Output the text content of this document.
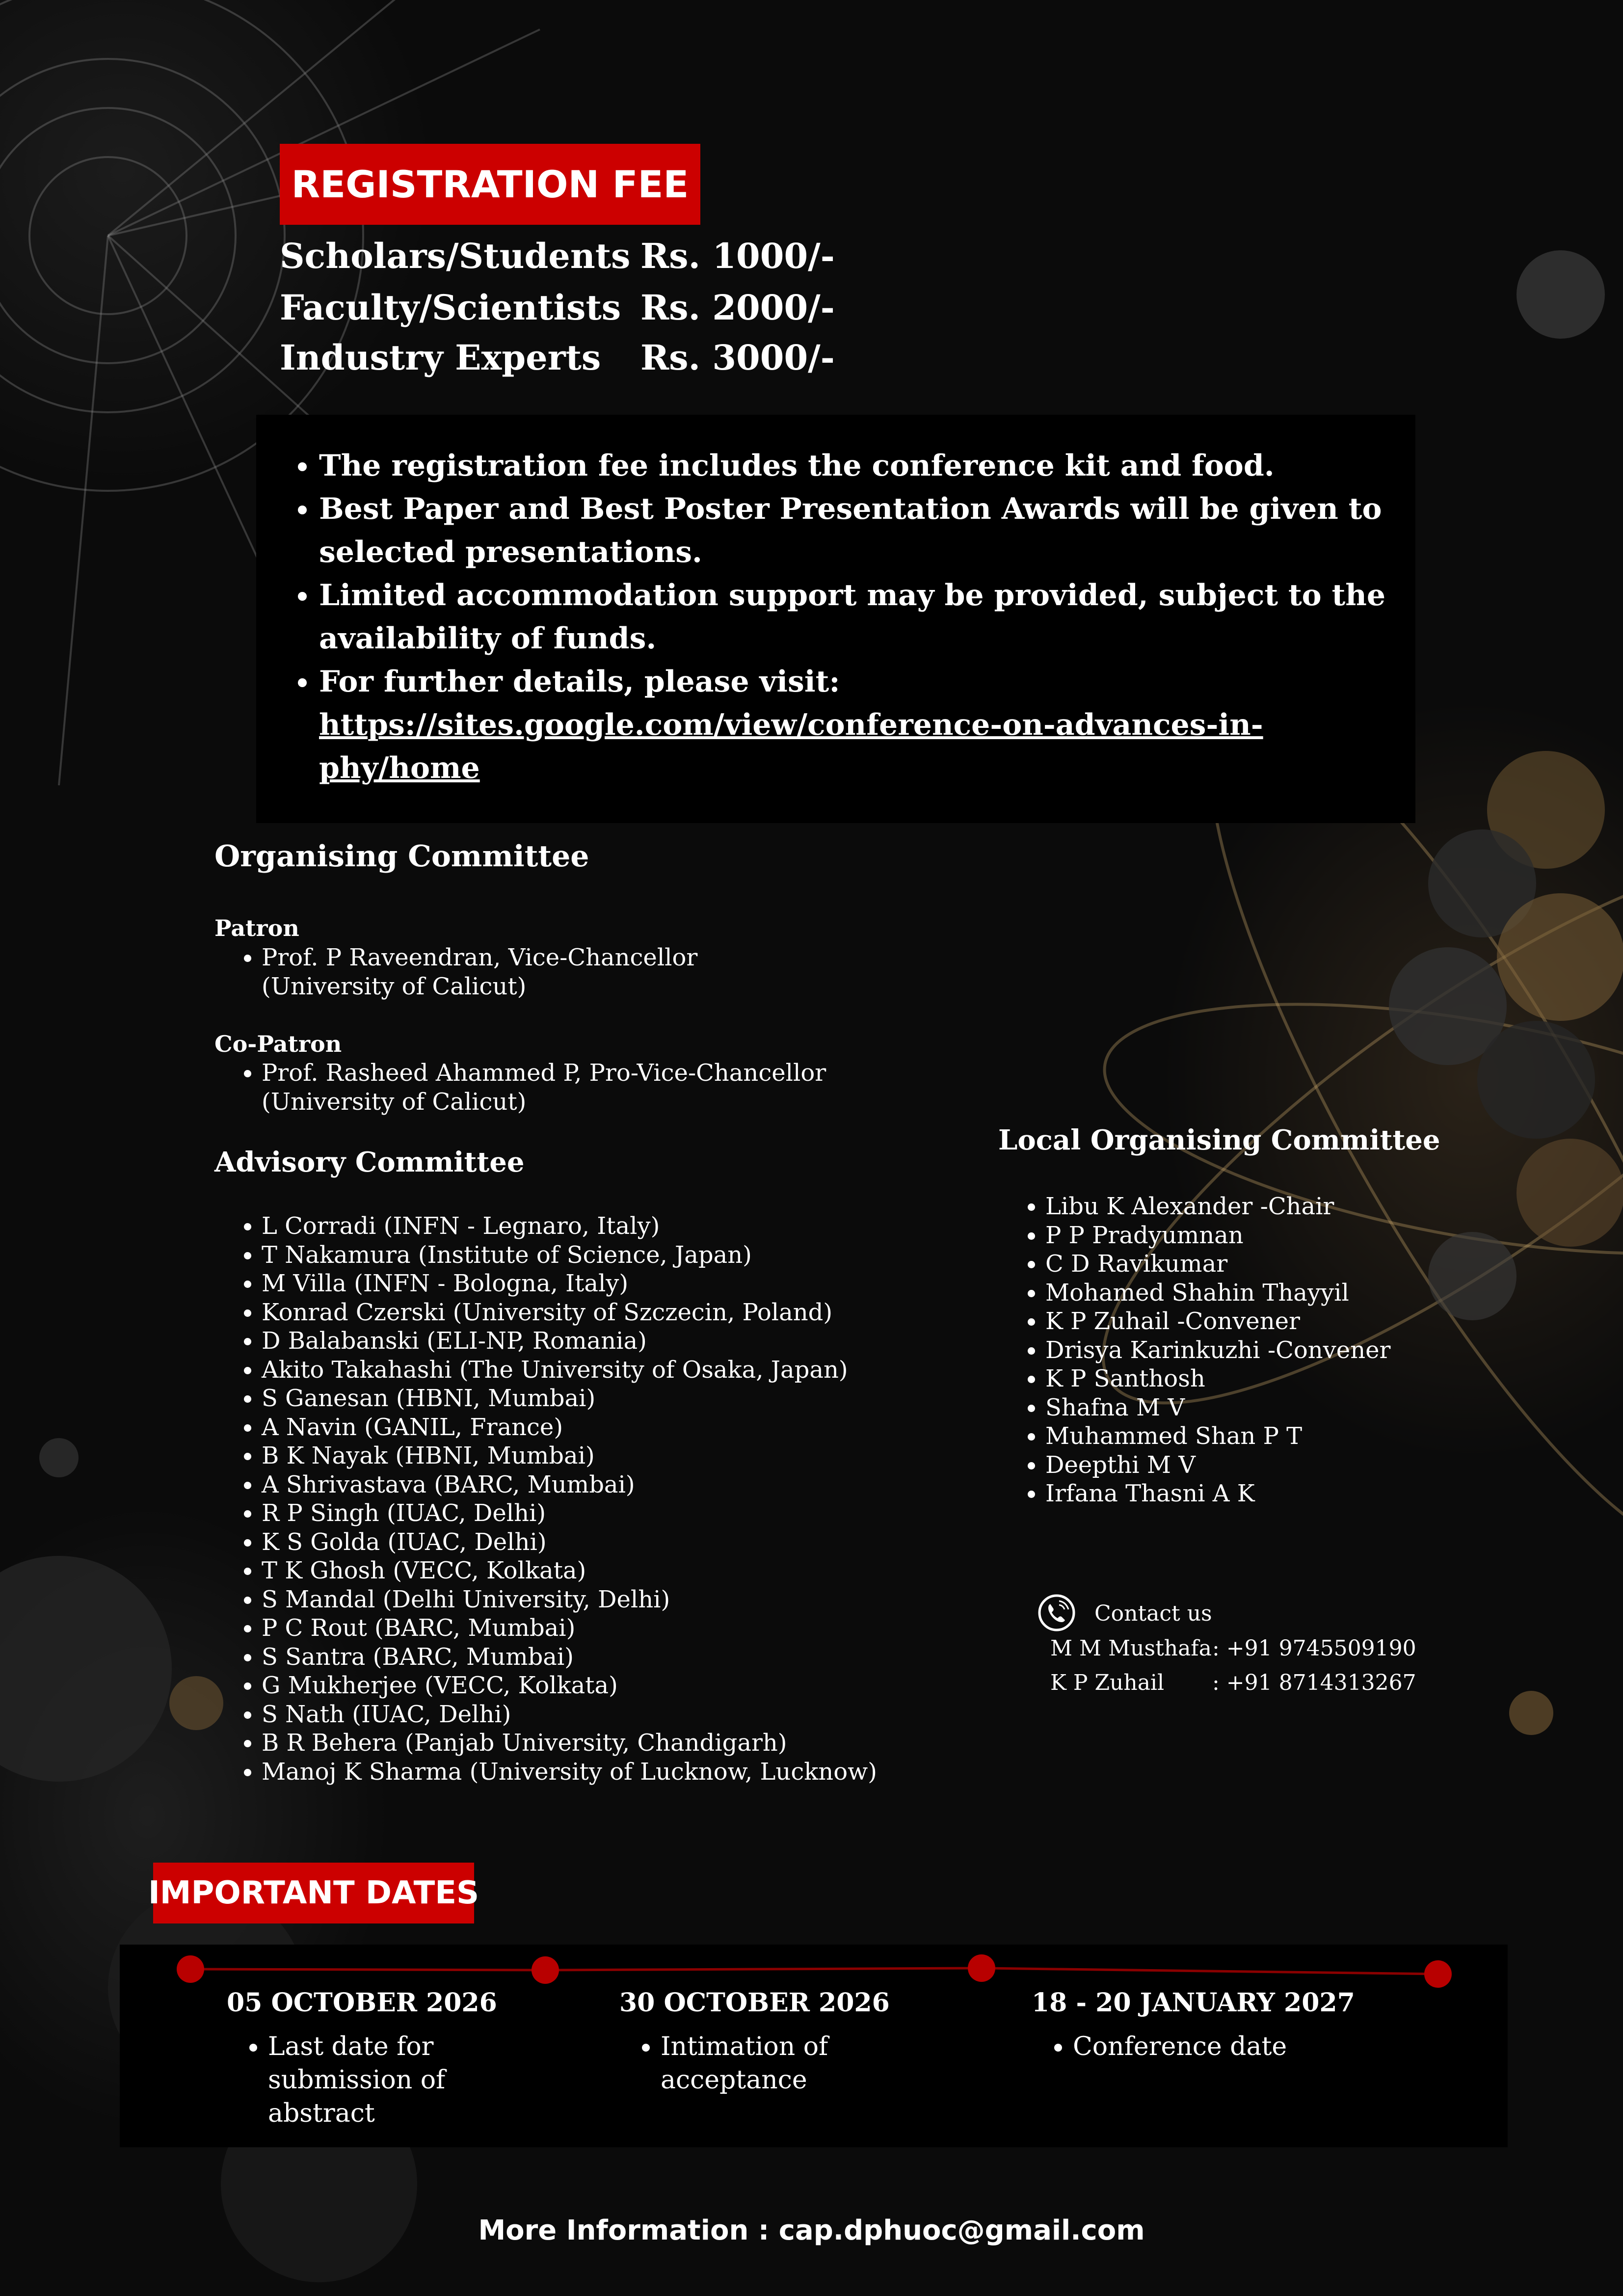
REGISTRATION FEE
Scholars/Students Rs. 1000/-
Faculty/Scientists Rs. 2000/-
Industry Experts Rs. 3000/-
• The registration fee includes the conference kit and food.
• Best Paper and Best Poster Presentation Awards will be given to selected presentations.
• Limited accommodation support may be provided, subject to the availability of funds.
• For further details, please visit:
https://sites.google.com/view/conference-on-advances-in-phy/home
Organising Committee
Patron
• Prof. P Raveendran, Vice-Chancellor
(University of Calicut)
Co-Patron
• Prof. Rasheed Ahammed P, Pro-Vice-Chancellor
(University of Calicut)
Advisory Committee
• L Corradi (INFN - Legnaro, Italy)
• T Nakamura (Institute of Science, Japan)
• M Villa (INFN - Bologna, Italy)
• Konrad Czerski (University of Szczecin, Poland)
• D Balabanski (ELI-NP, Romania)
• Akito Takahashi (The University of Osaka, Japan)
• S Ganesan (HBNI, Mumbai)
• A Navin (GANIL, France)
• B K Nayak (HBNI, Mumbai)
• A Shrivastava (BARC, Mumbai)
• R P Singh (IUAC, Delhi)
• K S Golda (IUAC, Delhi)
• T K Ghosh (VECC, Kolkata)
• S Mandal (Delhi University, Delhi)
• P C Rout (BARC, Mumbai)
• S Santra (BARC, Mumbai)
• G Mukherjee (VECC, Kolkata)
• S Nath (IUAC, Delhi)
• B R Behera (Panjab University, Chandigarh)
• Manoj K Sharma (University of Lucknow, Lucknow)
Local Organising Committee
• Libu K Alexander -Chair
• P P Pradyumnan
• C D Ravikumar
• Mohamed Shahin Thayyil
• K P Zuhail -Convener
• Drisya Karinkuzhi -Convener
• K P Santhosh
• Shafna M V
• Muhammed Shan P T
• Deepthi M V
• Irfana Thasni A K
Contact us
M M Musthafa: +91 9745509190
K P Zuhail : +91 8714313267
IMPORTANT DATES
05 OCTOBER 2026
• Last date for
submission of
abstract
30 OCTOBER 2026
• Intimation of
acceptance
18 - 20 JANUARY 2027
• Conference date
More Information : cap.dphuoc@gmail.com
